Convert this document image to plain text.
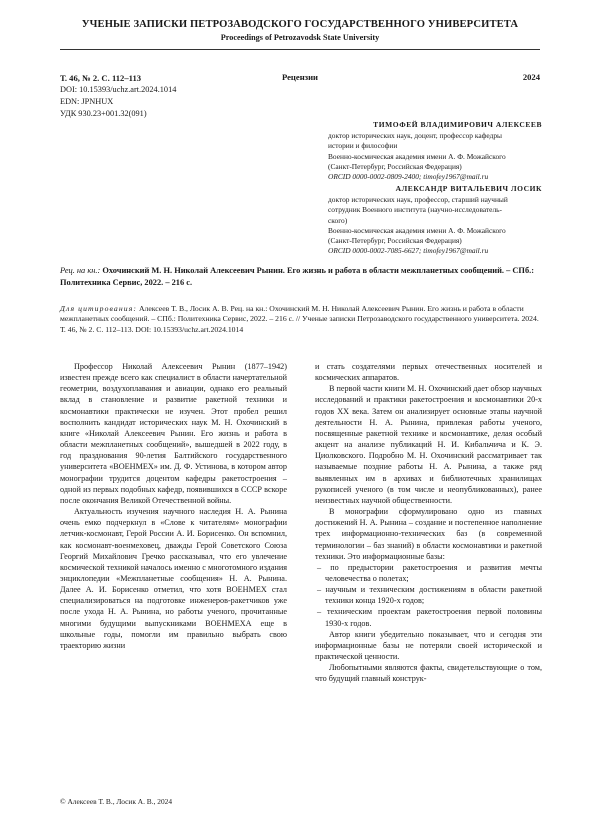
УЧЕНЫЕ ЗАПИСКИ ПЕТРОЗАВОДСКОГО ГОСУДАРСТВЕННОГО УНИВЕРСИТЕТА
Proceedings of Petrozavodsk State University
Т. 46, № 2. С. 112–113	Рецензии	2024
DOI: 10.15393/uchz.art.2024.1014
EDN: JPNHUX
УДК 930.23+001.32(091)
ТИМОФЕЙ ВЛАДИМИРОВИЧ АЛЕКСЕЕВ
доктор исторических наук, доцент, профессор кафедры
истории и философии
Военно-космическая академия имени А. Ф. Можайского
(Санкт-Петербург, Российская Федерация)
ORCID 0000-0002-0809-2400; timofey1967@mail.ru
АЛЕКСАНДР ВИТАЛЬЕВИЧ ЛОСИК
доктор исторических наук, профессор, старший научный
сотрудник Военного института (научно-исследователь-
ского)
Военно-космическая академия имени А. Ф. Можайского
(Санкт-Петербург, Российская Федерация)
ORCID 0000-0002-7085-6627; timofey1967@mail.ru
Рец. на кн.: Охочинский М. Н. Николай Алексеевич Рынин. Его жизнь и работа в области межпланетных сообщений. – СПб.: Политехника Сервис, 2022. – 216 с.
Для цитирования: Алексеев Т. В., Лосик А. В. Рец. на кн.: Охочинский М. Н. Николай Алексеевич Рынин. Его жизнь и работа в области межпланетных сообщений. – СПб.: Политехника Сервис, 2022. – 216 с. // Ученые записки Петрозаводского государственного университета. 2024. Т. 46, № 2. С. 112–113. DOI: 10.15393/uchz.art.2024.1014

Профессор Николай Алексеевич Рынин (1877–1942) известен прежде всего как специалист в области начертательной геометрии, воздухоплавания и авиации, однако его реальный вклад в становление и развитие ракетной техники и космонавтики практически не изучен. Этот пробел решил восполнить кандидат исторических наук М. Н. Охочинский в книге «Николай Алексеевич Рынин. Его жизнь и работа в области межпланетных сообщений», вышедшей в 2022 году, в год празднования 90-летия Балтийского государственного университета «ВОЕНМЕХ» им. Д. Ф. Устинова, в котором автор монографии трудится доцентом кафедры ракетостроения – одной из первых подобных кафедр, появившихся в СССР вскоре после окончания Великой Отечественной войны.

Актуальность изучения научного наследия Н. А. Рынина очень емко подчеркнул в «Слове к читателям» монографии летчик-космонавт, Герой России А. И. Борисенко. Он вспомнил, как космонавт-военмеховец, дважды Герой Советского Союза Георгий Михайлович Гречко рассказывал, что его увлечение космической техникой началось именно с многотомного издания энциклопедии «Межпланетные сообщения» Н. А. Рынина. Далее А. И. Борисенко отметил, что хотя ВОЕНМЕХ стал специализироваться на подготовке инженеров-ракетчиков уже после ухода Н. А. Рынина, но работы ученого, прочитанные многими будущими выпускниками ВОЕНМЕХА еще в школьные годы, помогли им правильно выбрать свою траекторию жизни

и стать создателями первых отечественных носителей и космических аппаратов.

В первой части книги М. Н. Охочинский дает обзор научных исследований и практики ракетостроения и космонавтики 20-х годов XX века. Затем он анализирует основные этапы научной деятельности Н. А. Рынина, привлекая работы ученого, посвященные ракетной технике и космонавтике, делая особый акцент на анализе публикаций Н. И. Кибальчича и К. Э. Циолковского. Подробно М. Н. Охочинский рассматривает так называемые поздние работы Н. А. Рынина, а также ряд выявленных им в архивах и библиотечных хранилищах рукописей ученого (в том числе и неопубликованных), ранее неизвестных научной общественности.

В монографии сформулировано одно из главных достижений Н. А. Рынина – создание и постепенное наполнение трех информационно-технических баз (в современной терминологии – баз знаний) в области космонавтики и ракетной техники. Это информационные базы:

– по предыстории ракетостроения и развития мечты человечества о полетах;
– научным и техническим достижениям в области ракетной техники конца 1920-х годов;
– техническим проектам ракетостроения первой половины 1930-х годов.

Автор книги убедительно показывает, что и сегодня эти информационные базы не потеряли своей исторической и практической ценности.

Любопытными являются факты, свидетельствующие о том, что будущий главный конструк-

© Алексеев Т. В., Лосик А. В., 2024
